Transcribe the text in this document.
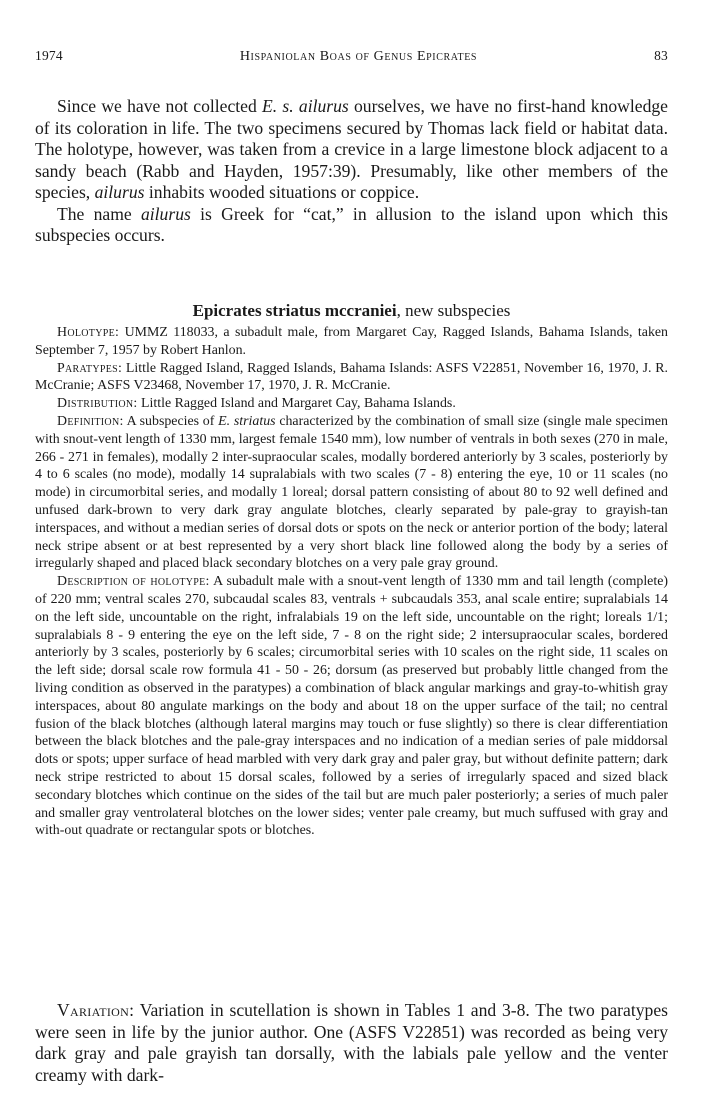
1974	Hispaniolan Boas of Genus Epicrates	83

Since we have not collected E. s. ailurus ourselves, we have no first-hand knowledge of its coloration in life. The two specimens secured by Thomas lack field or habitat data. The holotype, however, was taken from a crevice in a large limestone block adjacent to a sandy beach (Rabb and Hayden, 1957:39). Presumably, like other members of the species, ailurus inhabits wooded situations or coppice.

The name ailurus is Greek for “cat,” in allusion to the island upon which this subspecies occurs.

Epicrates striatus mccraniei, new subspecies

Holotype: UMMZ 118033, a subadult male, from Margaret Cay, Ragged Islands, Bahama Islands, taken September 7, 1957 by Robert Hanlon.

Paratypes: Little Ragged Island, Ragged Islands, Bahama Islands: ASFS V22851, November 16, 1970, J. R. McCranie; ASFS V23468, November 17, 1970, J. R. McCranie.

Distribution: Little Ragged Island and Margaret Cay, Bahama Islands.

Definition: A subspecies of E. striatus characterized by the combination of small size (single male specimen with snout-vent length of 1330 mm, largest female 1540 mm), low number of ventrals in both sexes (270 in male, 266 - 271 in females), modally 2 inter-supraocular scales, modally bordered anteriorly by 3 scales, posteriorly by 4 to 6 scales (no mode), modally 14 supralabials with two scales (7 - 8) entering the eye, 10 or 11 scales (no mode) in circumorbital series, and modally 1 loreal; dorsal pattern consisting of about 80 to 92 well defined and unfused dark-brown to very dark gray angulate blotches, clearly separated by pale-gray to grayish-tan interspaces, and without a median series of dorsal dots or spots on the neck or anterior portion of the body; lateral neck stripe absent or at best represented by a very short black line followed along the body by a series of irregularly shaped and placed black secondary blotches on a very pale gray ground.

Description of holotype: A subadult male with a snout-vent length of 1330 mm and tail length (complete) of 220 mm; ventral scales 270, subcaudal scales 83, ventrals + subcaudals 353, anal scale entire; supralabials 14 on the left side, uncountable on the right, infralabials 19 on the left side, uncountable on the right; loreals 1/1; supralabials 8 - 9 entering the eye on the left side, 7 - 8 on the right side; 2 intersupraocular scales, bordered anteriorly by 3 scales, posteriorly by 6 scales; circumorbital series with 10 scales on the right side, 11 scales on the left side; dorsal scale row formula 41 - 50 - 26; dorsum (as preserved but probably little changed from the living condition as observed in the paratypes) a combination of black angular markings and gray-to-whitish gray interspaces, about 80 angulate markings on the body and about 18 on the upper surface of the tail; no central fusion of the black blotches (although lateral margins may touch or fuse slightly) so there is clear differentiation between the black blotches and the pale-gray interspaces and no indication of a median series of pale middorsal dots or spots; upper surface of head marbled with very dark gray and paler gray, but without definite pattern; dark neck stripe restricted to about 15 dorsal scales, followed by a series of irregularly spaced and sized black secondary blotches which continue on the sides of the tail but are much paler posteriorly; a series of much paler and smaller gray ventrolateral blotches on the lower sides; venter pale creamy, but much suffused with gray and with-out quadrate or rectangular spots or blotches.

Variation: Variation in scutellation is shown in Tables 1 and 3-8. The two paratypes were seen in life by the junior author. One (ASFS V22851) was recorded as being very dark gray and pale grayish tan dorsally, with the labials pale yellow and the venter creamy with dark-
